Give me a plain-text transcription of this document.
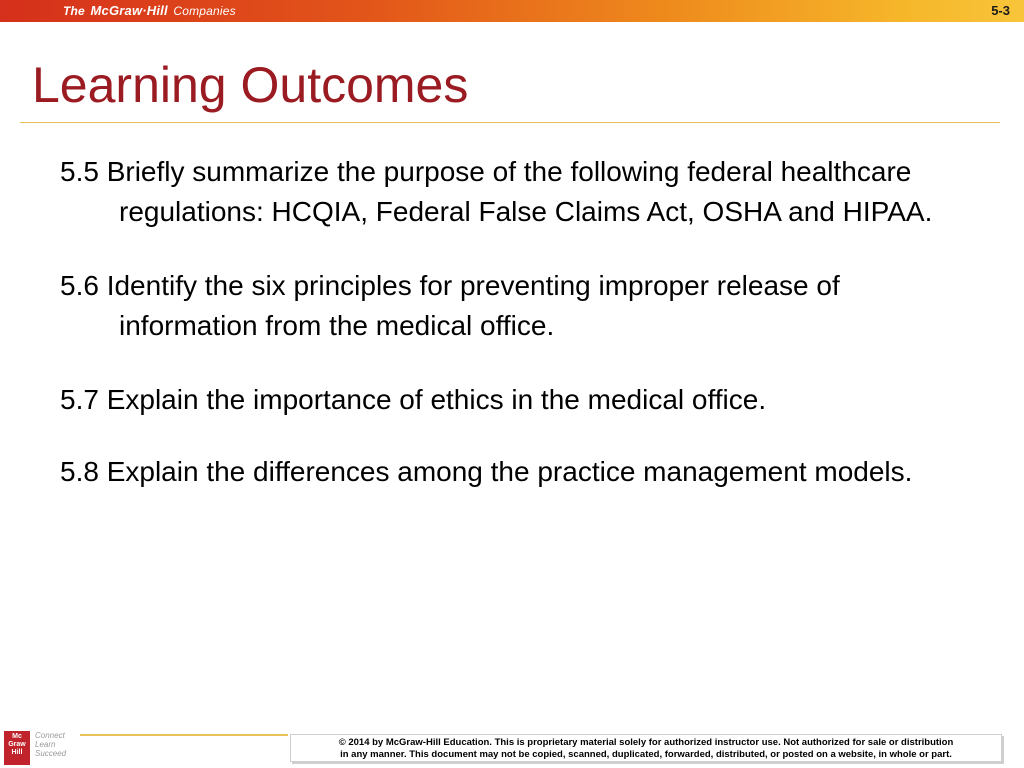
The McGraw·Hill Companies	5-3
Learning Outcomes
5.5 Briefly summarize the purpose of the following federal healthcare regulations: HCQIA, Federal False Claims Act, OSHA and HIPAA.
5.6 Identify the six principles for preventing improper release of information from the medical office.
5.7 Explain the importance of ethics in the medical office.
5.8 Explain the differences among the practice management models.
Mc
Graw
Hill
Connect
Learn
Succeed
© 2014 by McGraw-Hill Education. This is proprietary material solely for authorized instructor use. Not authorized for sale or distribution
in any manner. This document may not be copied, scanned, duplicated, forwarded, distributed, or posted on a website, in whole or part.
